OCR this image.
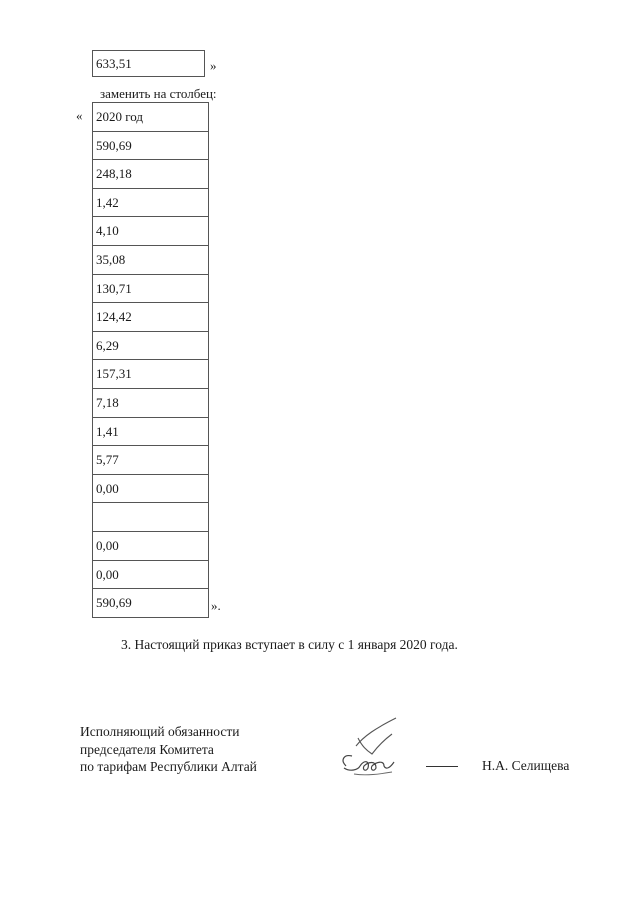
633,51	»
заменить на столбец:
« 2020 год
590,69
248,18
1,42
4,10
35,08
130,71
124,42
6,29
157,31
7,18
1,41
5,77
0,00
0,00
0,00
590,69	».
3. Настоящий приказ вступает в силу с 1 января 2020 года.
Исполняющий обязанности
председателя Комитета
по тарифам Республики Алтай	Н.А. Селищева
